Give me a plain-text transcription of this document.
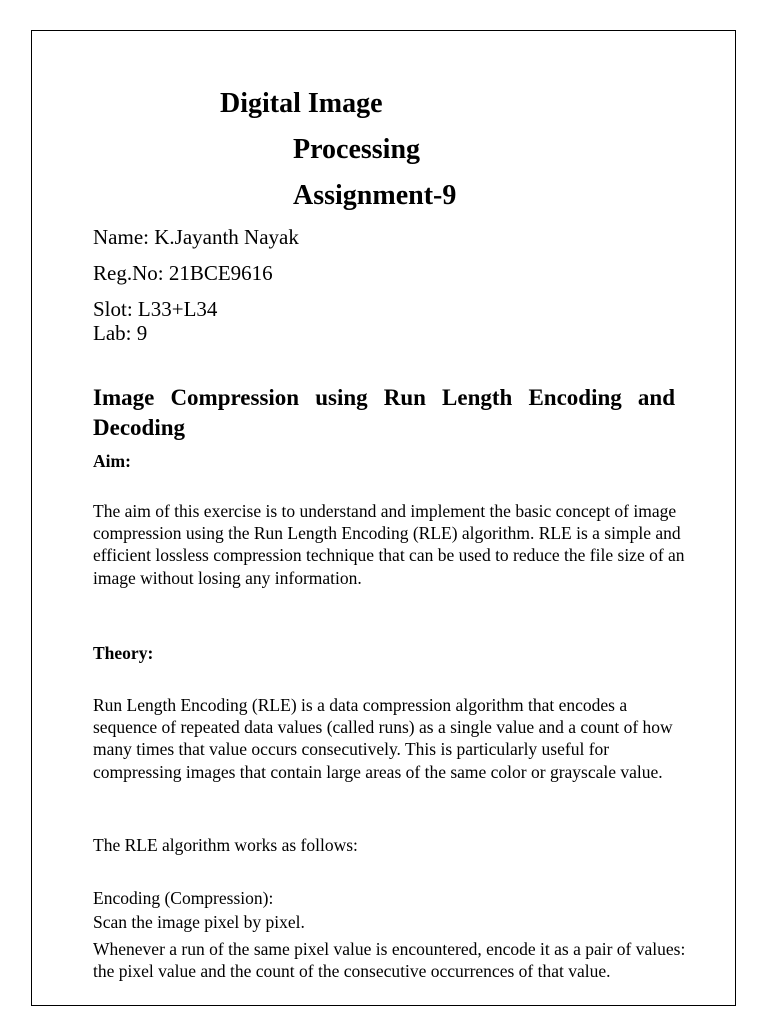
Digital Image
Processing
Assignment-9
Name: K.Jayanth Nayak
Reg.No: 21BCE9616
Slot: L33+L34
Lab: 9
Image Compression using Run Length Encoding and Decoding
Aim:
The aim of this exercise is to understand and implement the basic concept of image compression using the Run Length Encoding (RLE) algorithm. RLE is a simple and efficient lossless compression technique that can be used to reduce the file size of an image without losing any information.
Theory:
Run Length Encoding (RLE) is a data compression algorithm that encodes a sequence of repeated data values (called runs) as a single value and a count of how many times that value occurs consecutively. This is particularly useful for compressing images that contain large areas of the same color or grayscale value.
The RLE algorithm works as follows:
Encoding (Compression):
Scan the image pixel by pixel.
Whenever a run of the same pixel value is encountered, encode it as a pair of values: the pixel value and the count of the consecutive occurrences of that value.
